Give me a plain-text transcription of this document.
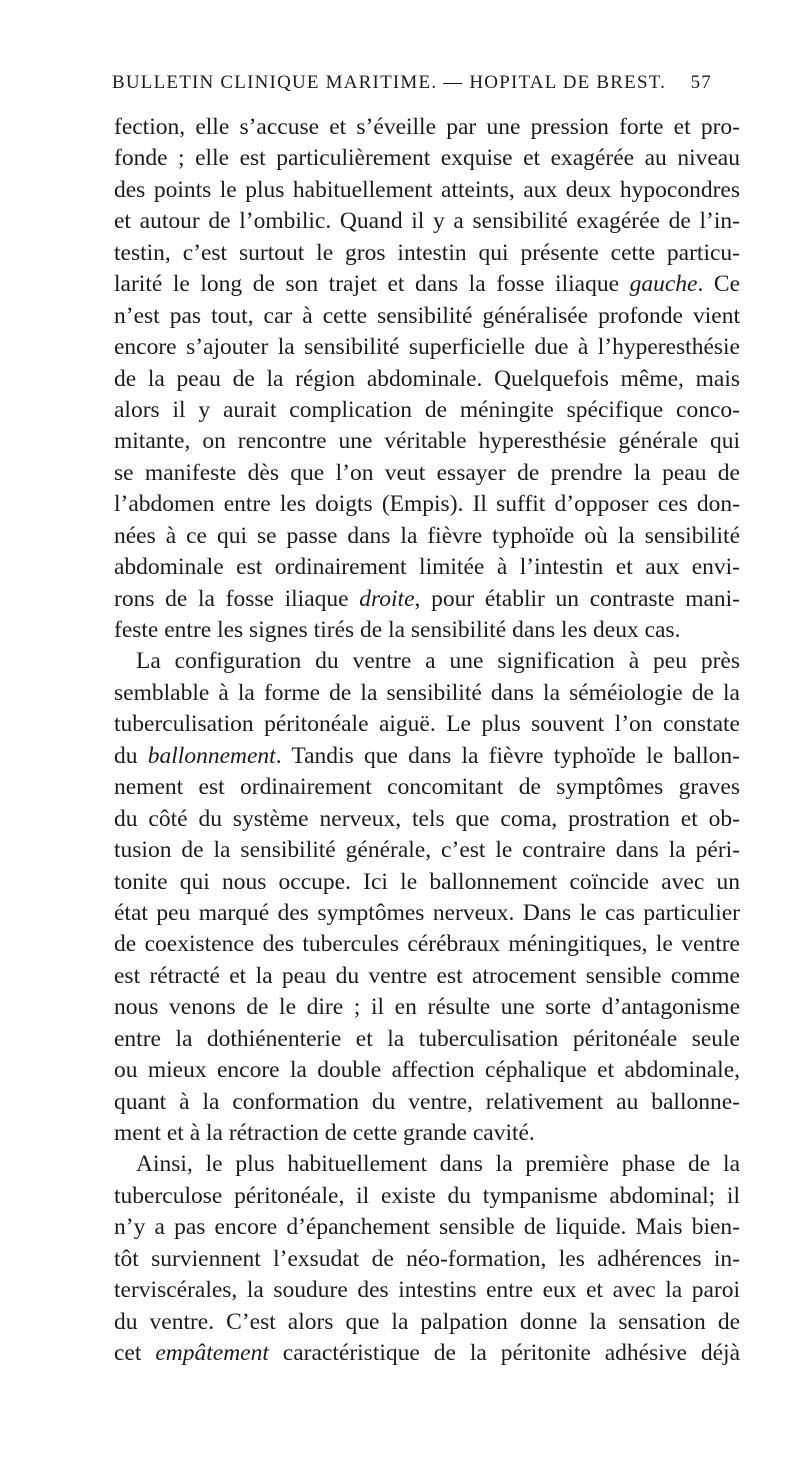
BULLETIN CLINIQUE MARITIME. — HOPITAL DE BREST. 57
fection, elle s’accuse et s’éveille par une pression forte et pro-
fonde ; elle est particulièrement exquise et exagérée au niveau
des points le plus habituellement atteints, aux deux hypocondres
et autour de l’ombilic. Quand il y a sensibilité exagérée de l’in-
testin, c’est surtout le gros intestin qui présente cette particu-
larité le long de son trajet et dans la fosse iliaque gauche. Ce
n’est pas tout, car à cette sensibilité généralisée profonde vient
encore s’ajouter la sensibilité superficielle due à l’hyperesthésie
de la peau de la région abdominale. Quelquefois même, mais
alors il y aurait complication de méningite spécifique conco-
mitante, on rencontre une véritable hyperesthésie générale qui
se manifeste dès que l’on veut essayer de prendre la peau de
l’abdomen entre les doigts (Empis). Il suffit d’opposer ces don-
nées à ce qui se passe dans la fièvre typhoïde où la sensibilité
abdominale est ordinairement limitée à l’intestin et aux envi-
rons de la fosse iliaque droite, pour établir un contraste mani-
feste entre les signes tirés de la sensibilité dans les deux cas.
La configuration du ventre a une signification à peu près
semblable à la forme de la sensibilité dans la séméiologie de la
tuberculisation péritonéale aiguë. Le plus souvent l’on constate
du ballonnement. Tandis que dans la fièvre typhoïde le ballon-
nement est ordinairement concomitant de symptômes graves
du côté du système nerveux, tels que coma, prostration et ob-
tusion de la sensibilité générale, c’est le contraire dans la péri-
tonite qui nous occupe. Ici le ballonnement coïncide avec un
état peu marqué des symptômes nerveux. Dans le cas particulier
de coexistence des tubercules cérébraux méningitiques, le ventre
est rétracté et la peau du ventre est atrocement sensible comme
nous venons de le dire ; il en résulte une sorte d’antagonisme
entre la dothiénenterie et la tuberculisation péritonéale seule
ou mieux encore la double affection céphalique et abdominale,
quant à la conformation du ventre, relativement au ballonne-
ment et à la rétraction de cette grande cavité.
Ainsi, le plus habituellement dans la première phase de la
tuberculose péritonéale, il existe du tympanisme abdominal; il
n’y a pas encore d’épanchement sensible de liquide. Mais bien-
tôt surviennent l’exsudat de néo-formation, les adhérences in-
terviscérales, la soudure des intestins entre eux et avec la paroi
du ventre. C’est alors que la palpation donne la sensation de
cet empâtement caractéristique de la péritonite adhésive déjà
